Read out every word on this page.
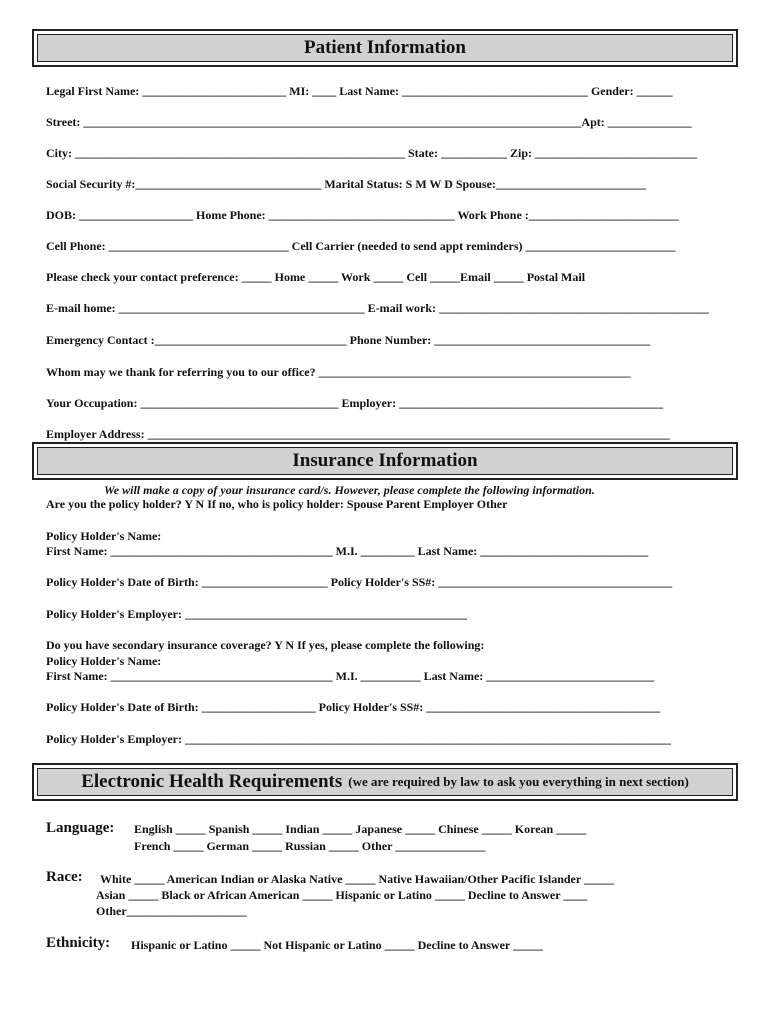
Patient Information
Legal First Name: ________________________ MI: ____ Last Name: _______________________________ Gender: ______
Street: ___________________________________________________________________________________Apt: ______________
City: _______________________________________________________ State: ___________ Zip: ___________________________
Social Security #:_______________________________ Marital Status: S M W D Spouse:_________________________
DOB: ___________________ Home Phone: _______________________________ Work Phone :_________________________
Cell Phone: ______________________________ Cell Carrier (needed to send appt reminders) _________________________
Please check your contact preference: _____ Home _____ Work _____ Cell _____Email _____ Postal Mail
E-mail home: _________________________________________ E-mail work: _____________________________________________
Emergency Contact :________________________________ Phone Number: ____________________________________
Whom may we thank for referring you to our office? ____________________________________________________
Your Occupation: _________________________________ Employer: ____________________________________________
Employer Address: _______________________________________________________________________________________
Insurance Information
We will make a copy of your insurance card/s. However, please complete the following information.
Are you the policy holder? Y N If no, who is policy holder: Spouse Parent Employer Other
Policy Holder's Name:
First Name: _____________________________________ M.I. _________ Last Name: ____________________________
Policy Holder's Date of Birth: _____________________ Policy Holder's SS#: _______________________________________
Policy Holder's Employer: _______________________________________________
Do you have secondary insurance coverage? Y N If yes, please complete the following:
Policy Holder's Name:
First Name: _____________________________________ M.I. __________ Last Name: ____________________________
Policy Holder's Date of Birth: ___________________ Policy Holder's SS#: _______________________________________
Policy Holder's Employer: _________________________________________________________________________________
Electronic Health Requirements (we are required by law to ask you everything in next section)
Language: English _____ Spanish _____ Indian _____ Japanese _____ Chinese _____ Korean _____
French _____ German _____ Russian _____ Other _______________
Race: White _____ American Indian or Alaska Native _____ Native Hawaiian/Other Pacific Islander _____
Asian _____ Black or African American _____ Hispanic or Latino _____ Decline to Answer ____
Other____________________
Ethnicity: Hispanic or Latino _____ Not Hispanic or Latino _____ Decline to Answer _____
